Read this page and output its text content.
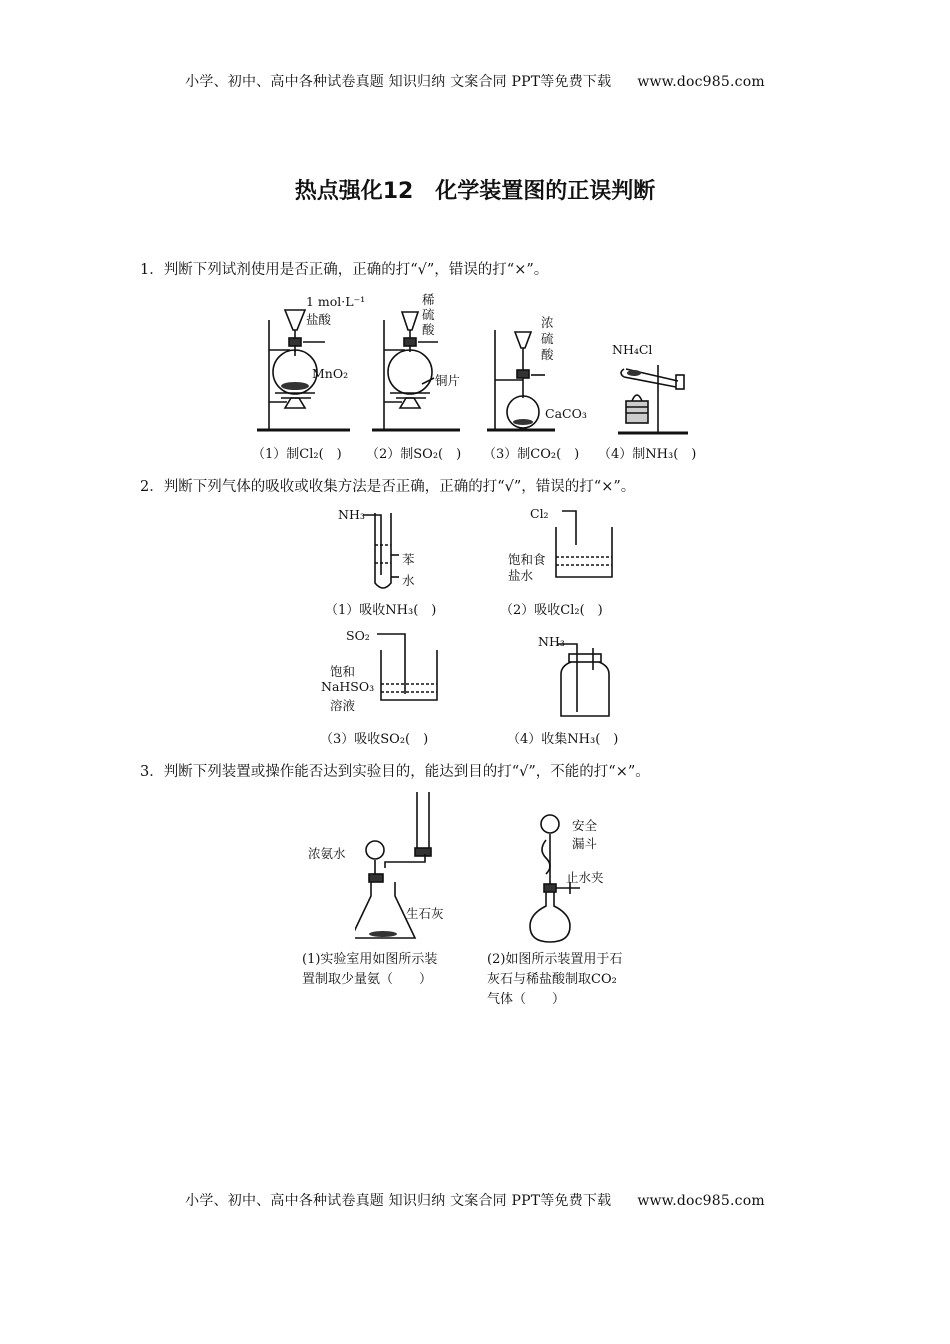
小学、初中、高中各种试卷真题 知识归纳 文案合同 PPT等免费下载 www.doc985.com
热点强化12　化学装置图的正误判断
1．判断下列试剂使用是否正确，正确的打“√”，错误的打“×”。
1 mol·L⁻¹
盐酸
MnO₂
（1）制Cl₂(　)
稀
硫
酸
铜片
（2）制SO₂(　)
浓
硫
酸
CaCO₃
（3）制CO₂(　)
NH₄Cl
（4）制NH₃(　)
2．判断下列气体的吸收或收集方法是否正确，正确的打“√”，错误的打“×”。
NH₃
苯
水
（1）吸收NH₃(　)
Cl₂
饱和食
盐水
（2）吸收Cl₂(　)
SO₂
饱和
NaHSO₃
溶液
（3）吸收SO₂(　)
NH₃
（4）收集NH₃(　)
3．判断下列装置或操作能否达到实验目的，能达到目的打“√”，不能的打“×”。
浓氨水
生石灰
(1)实验室用如图所示装
置制取少量氨（　　）
安全
漏斗
止水夹
(2)如图所示装置用于石
灰石与稀盐酸制取CO₂
气体（　　）
小学、初中、高中各种试卷真题 知识归纳 文案合同 PPT等免费下载 www.doc985.com
